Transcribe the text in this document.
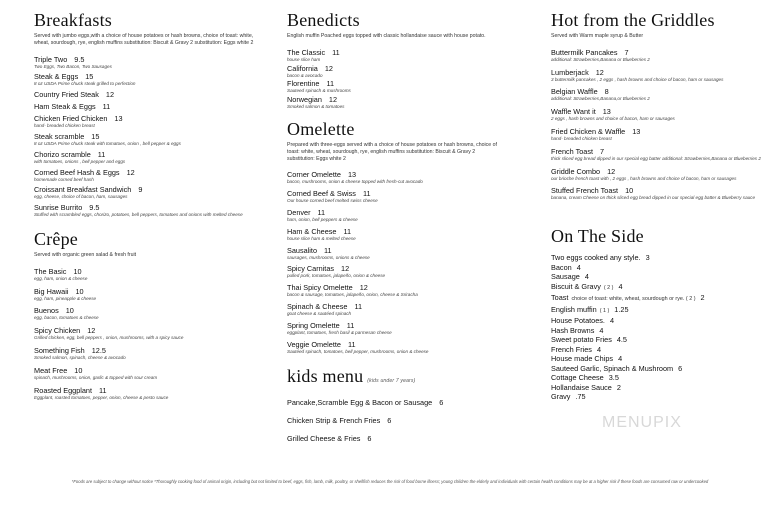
Breakfasts
Served with jumbo eggs,with a choice of house potatoes or hash browns, choice of toast: white, wheat, sourdough, rye, english muffins substitution: Biscuit & Gravy 2 substitution: Eggs white 2
Triple Two 9.5
Two Eggs, Two Bacon, Two Sausages
Steak & Eggs 15
8 oz USDA Prime chuck steak grilled to perfection
Country Fried Steak 12
Ham Steak & Eggs 11
Chicken Fried Chicken 13
hand- breaded chicken breast
Steak scramble 15
8 oz USDA Prime chuck steak with tomatoes, onion , bell pepper & eggs
Chorizo scramble 11
with tomatoes, onions , bell pepper and eggs
Corned Beef Hash & Eggs 12
homemade corned beef hash
Croissant Breakfast Sandwich 9
egg, cheese, choice of bacon, ham, sausages
Sunrise Burrito 9.5
Stuffed with scrambled eggs, chorizo, potatoes, bell peppers, tomatoes and onions with melted cheese
Crêpe
Served with organic green salad & fresh fruit
The Basic 10
egg, ham, onion & cheese
Big Hawaii 10
egg, ham, pineapple & cheese
Buenos 10
egg, bacon, tomatoes & cheese
Spicy Chicken 12
Grilled chicken, egg, bell peppers , onion, mushrooms, with a spicy sauce
Something Fish 12.5
Smoked salmon, spinach, cheese & avocado
Meat Free 10
spinach, mushrooms, onion, garlic & topped with sour cream
Roasted Eggplant 11
Eggplant, roasted tomatoes, pepper, onion, cheese & pesto sauce
Benedicts
English muffin Poached eggs topped with classic hollandaise sauce with house potato.
The Classic 11
house slice ham
California 12
bacon & avocado
Florentine 11
Sauteed spinach & mushrooms
Norwegian 12
Smoked salmon & tomatoes
Omelette
Prepared with three-eggs served with a choice of house potatoes or hash browns, choice of toast: white, wheat, sourdough, rye, english muffins substitution: Biscuit & Gravy 2 substitution: Eggs white 2
Corner Omelette 13
bacon, mushrooms, onion & cheese topped with fresh-cut avocado
Corned Beef & Swiss 11
Our house corned beef melted swiss cheese
Denver 11
ham, onion, bell peppers & cheese
Ham & Cheese 11
house slice ham & melted cheese
Sausalito 11
sausages, mushrooms, onions & cheese
Spicy Carnitas 12
pulled pork, tomatoes, jalapeño, onion & cheese
Thai Spicy Omelette 12
bacon & sausage, tomatoes, jalapeño, onion, cheese & Sriracha
Spinach & Cheese 11
goat cheese & sautéed spinach
Spring Omelette 11
eggplant, tomatoes, fresh basil & parmesan cheese
Veggie Omelette 11
Sautéed spinach, tomatoes, bell pepper, mushrooms, onion & cheese
kids menu (kids under 7 years)
Pancake,Scramble Egg & Bacon or Sausage 6
Chicken Strip & French Fries 6
Grilled Cheese & Fries 6
Hot from the Griddles
Served with Warm maple syrup & Butter
Buttermilk Pancakes 7
additional: Strawberries,Banana or Blueberries 2
Lumberjack 12
3 buttermilk pancakes , 2 eggs , hash browns and choice of bacon, ham or sausages
Belgian Waffle 8
additional: Strawberries,Banana,or Blueberries 2
Waffle Want it 13
2 eggs , hash browns and choice of bacon, ham or sausages
Fried Chicken & Waffle 13
hand- breaded chicken breast
French Toast 7
thick sliced egg bread dipped in our special egg batter additional: Strawberries,Banana or Blueberries 2
Griddle Combo 12
our brioche french toast with , 2 eggs , hash browns and choice of bacon, ham or sausages
Stuffed French Toast 10
banana, cream Cheese on thick sliced egg bread dipped in our special egg batter & Blueberry sauce
On The Side
Two eggs cooked any style. 3
Bacon 4
Sausage 4
Biscuit & Gravy ( 2 ) 4
Toast choice of toast: white, wheat, sourdough or rye. ( 2 ) 2
English muffin ( 1 ) 1.25
House Potatoes. 4
Hash Browns 4
Sweet potato Fries 4.5
French Fries 4
House made Chips 4
Sauteed Garlic, Spinach & Mushroom 6
Cottage Cheese 3.5
Hollandaise Sauce 2
Gravy .75
MENUPIX
*Foods are subject to change without notice *Thoroughly cooking food of animal origin, including but not limited to beef, eggs, fish, lamb, milk, poultry, or shellfish reduces the risk of food borne illness; young children the elderly and individuals with certain health conditions may be at a higher risk if these foods are consumed raw or undercooked
